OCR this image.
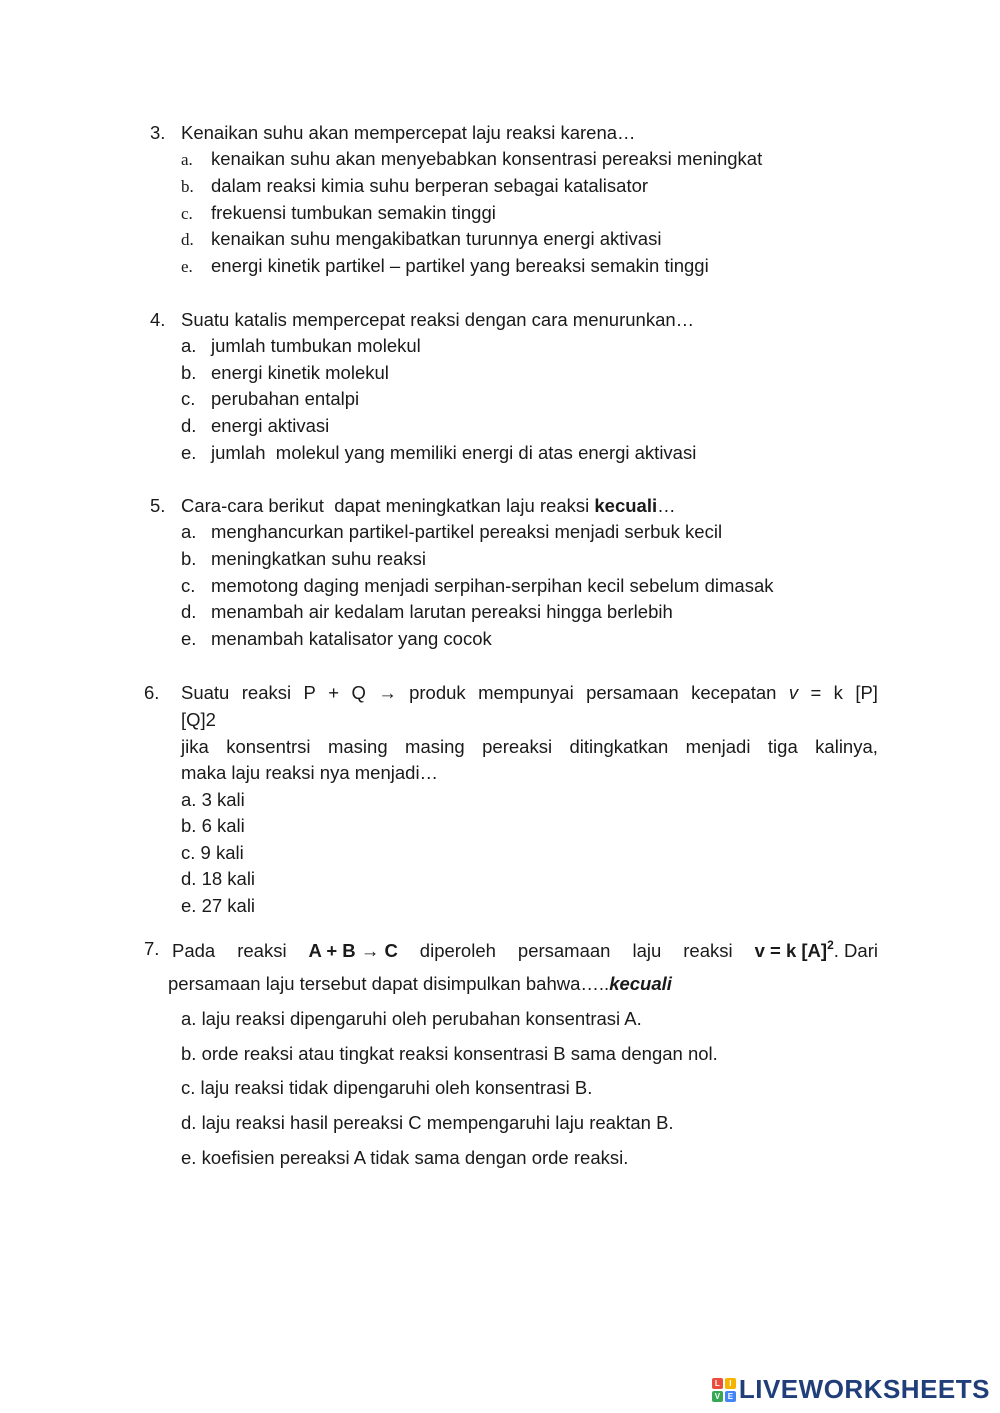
3. Kenaikan suhu akan mempercepat laju reaksi karena…
a. kenaikan suhu akan menyebabkan konsentrasi pereaksi meningkat
b. dalam reaksi kimia suhu berperan sebagai katalisator
c. frekuensi tumbukan semakin tinggi
d. kenaikan suhu mengakibatkan turunnya energi aktivasi
e. energi kinetik partikel – partikel yang bereaksi semakin tinggi
4. Suatu katalis mempercepat reaksi dengan cara menurunkan…
a. jumlah tumbukan molekul
b. energi kinetik molekul
c. perubahan entalpi
d. energi aktivasi
e. jumlah  molekul yang memiliki energi di atas energi aktivasi
5. Cara-cara berikut  dapat meningkatkan laju reaksi kecuali…
a. menghancurkan partikel-partikel pereaksi menjadi serbuk kecil
b. meningkatkan suhu reaksi
c. memotong daging menjadi serpihan-serpihan kecil sebelum dimasak
d. menambah air kedalam larutan pereaksi hingga berlebih
e. menambah katalisator yang cocok
6. Suatu reaksi P + Q → produk mempunyai persamaan kecepatan v = k [P]
[Q]2
jika konsentrsi masing masing pereaksi ditingkatkan menjadi tiga kalinya,
maka laju reaksi nya menjadi…
a. 3 kali
b. 6 kali
c. 9 kali
d. 18 kali
e. 27 kali
7. Pada reaksi A + B → C diperoleh persamaan laju reaksi v = k $[A]^2$. Dari
persamaan laju tersebut dapat disimpulkan bahwa…..kecuali
a. laju reaksi dipengaruhi oleh perubahan konsentrasi A.
b. orde reaksi atau tingkat reaksi konsentrasi B sama dengan nol.
c. laju reaksi tidak dipengaruhi oleh konsentrasi B.
d. laju reaksi hasil pereaksi C mempengaruhi laju reaktan B.
e. koefisien pereaksi A tidak sama dengan orde reaksi.
L	I
V E LIVEWORKSHEETS
